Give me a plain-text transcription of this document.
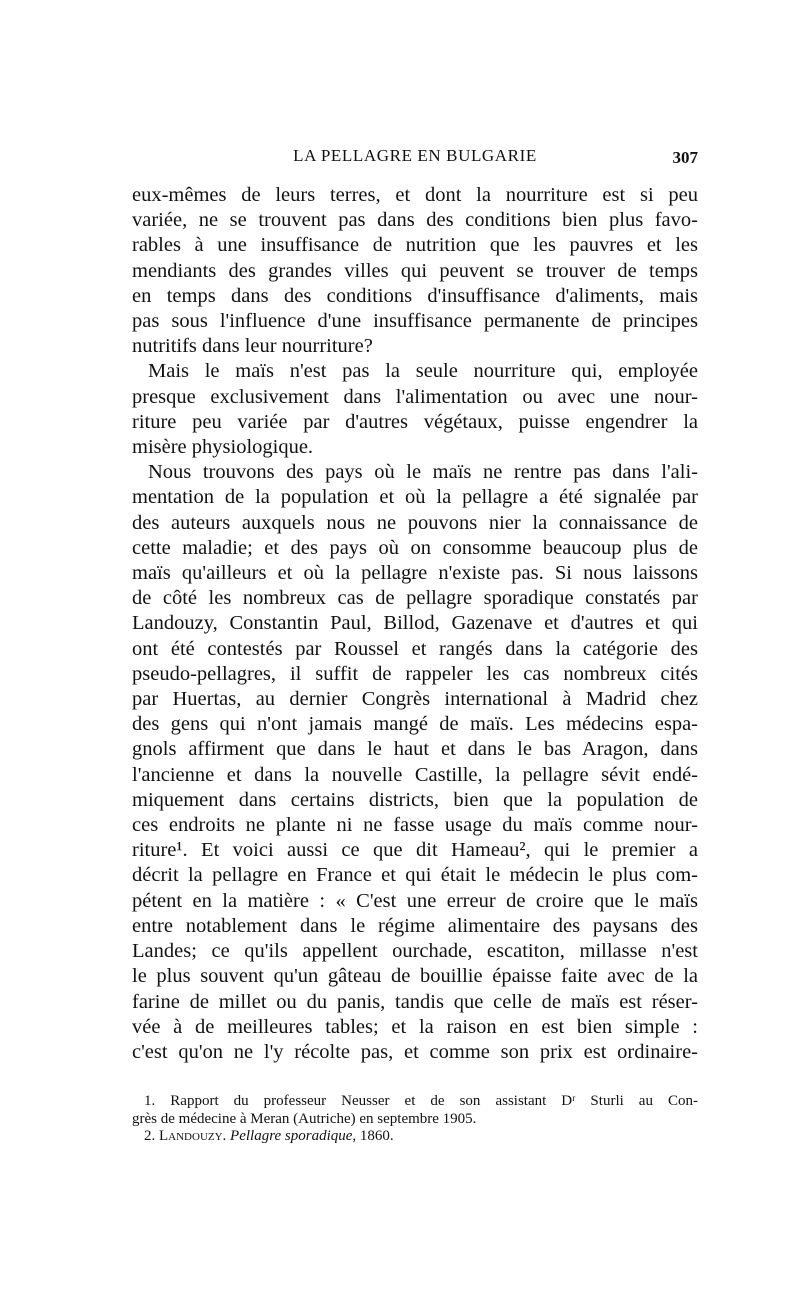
LA PELLAGRE EN BULGARIE	307
eux-mêmes de leurs terres, et dont la nourriture est si peu
variée, ne se trouvent pas dans des conditions bien plus favo-
rables à une insuffisance de nutrition que les pauvres et les
mendiants des grandes villes qui peuvent se trouver de temps
en temps dans des conditions d'insuffisance d'aliments, mais
pas sous l'influence d'une insuffisance permanente de principes
nutritifs dans leur nourriture?
Mais le maïs n'est pas la seule nourriture qui, employée
presque exclusivement dans l'alimentation ou avec une nour-
riture peu variée par d'autres végétaux, puisse engendrer la
misère physiologique.
Nous trouvons des pays où le maïs ne rentre pas dans l'ali-
mentation de la population et où la pellagre a été signalée par
des auteurs auxquels nous ne pouvons nier la connaissance de
cette maladie; et des pays où on consomme beaucoup plus de
maïs qu'ailleurs et où la pellagre n'existe pas. Si nous laissons
de côté les nombreux cas de pellagre sporadique constatés par
Landouzy, Constantin Paul, Billod, Gazenave et d'autres et qui
ont été contestés par Roussel et rangés dans la catégorie des
pseudo-pellagres, il suffit de rappeler les cas nombreux cités
par Huertas, au dernier Congrès international à Madrid chez
des gens qui n'ont jamais mangé de maïs. Les médecins espa-
gnols affirment que dans le haut et dans le bas Aragon, dans
l'ancienne et dans la nouvelle Castille, la pellagre sévit endé-
miquement dans certains districts, bien que la population de
ces endroits ne plante ni ne fasse usage du maïs comme nour-
riture¹. Et voici aussi ce que dit Hameau², qui le premier a
décrit la pellagre en France et qui était le médecin le plus com-
pétent en la matière : « C'est une erreur de croire que le maïs
entre notablement dans le régime alimentaire des paysans des
Landes; ce qu'ils appellent ourchade, escatiton, millasse n'est
le plus souvent qu'un gâteau de bouillie épaisse faite avec de la
farine de millet ou du panis, tandis que celle de maïs est réser-
vée à de meilleures tables; et la raison en est bien simple :
c'est qu'on ne l'y récolte pas, et comme son prix est ordinaire-
1. Rapport du professeur Neusser et de son assistant Dʳ Sturli au Con-
grès de médecine à Meran (Autriche) en septembre 1905.
2. Landouzy. Pellagre sporadique, 1860.
